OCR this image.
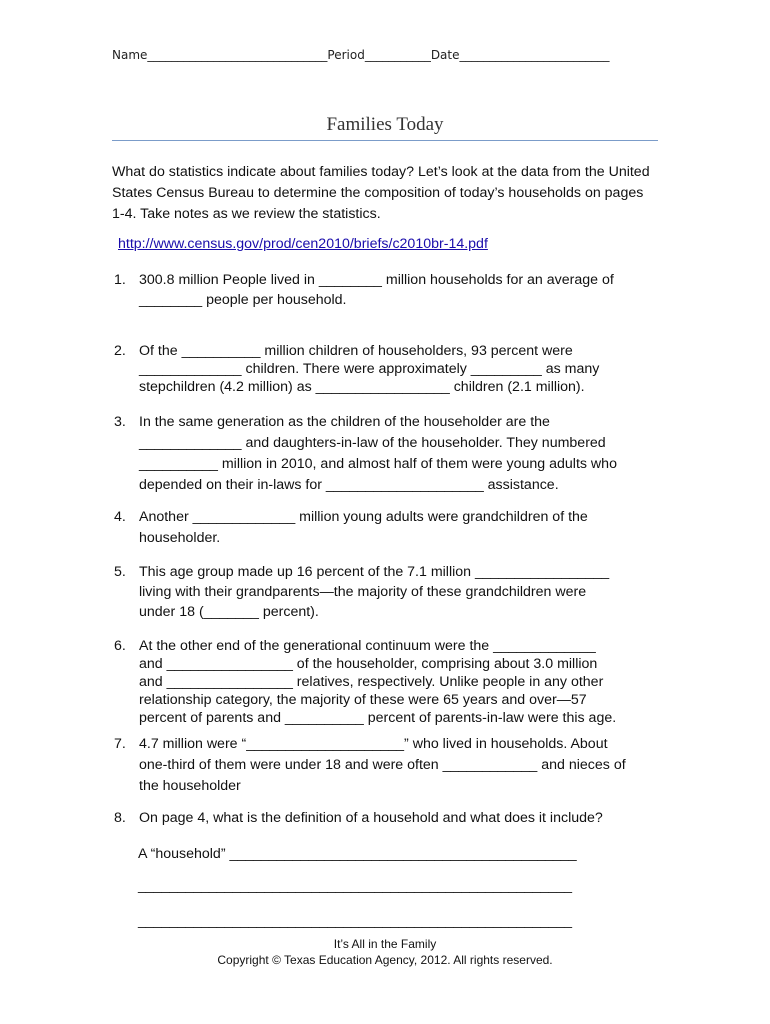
Name______________________________Period___________Date_________________________
Families Today
What do statistics indicate about families today? Let’s look at the data from the United States Census Bureau to determine the composition of today’s households on pages 1-4. Take notes as we review the statistics.
http://www.census.gov/prod/cen2010/briefs/c2010br-14.pdf
1. 300.8 million People lived in ________ million households for an average of
________ people per household.
2. Of the __________ million children of householders, 93 percent were
_____________ children. There were approximately _________ as many
stepchildren (4.2 million) as _________________ children (2.1 million).
3. In the same generation as the children of the householder are the
_____________ and daughters-in-law of the householder. They numbered
__________ million in 2010, and almost half of them were young adults who
depended on their in-laws for ____________________ assistance.
4. Another _____________ million young adults were grandchildren of the
householder.
5. This age group made up 16 percent of the 7.1 million _________________
living with their grandparents—the majority of these grandchildren were
under 18 (_______ percent).
6. At the other end of the generational continuum were the _____________
and ________________ of the householder, comprising about 3.0 million
and ________________ relatives, respectively. Unlike people in any other
relationship category, the majority of these were 65 years and over—57
percent of parents and __________ percent of parents-in-law were this age.
7. 4.7 million were “____________________” who lived in households. About
one-third of them were under 18 and were often ____________ and nieces of
the householder
8. On page 4, what is the definition of a household and what does it include?
A “household” ____________________________________________
_______________________________________________________
_______________________________________________________
It’s All in the Family
Copyright © Texas Education Agency, 2012. All rights reserved.
